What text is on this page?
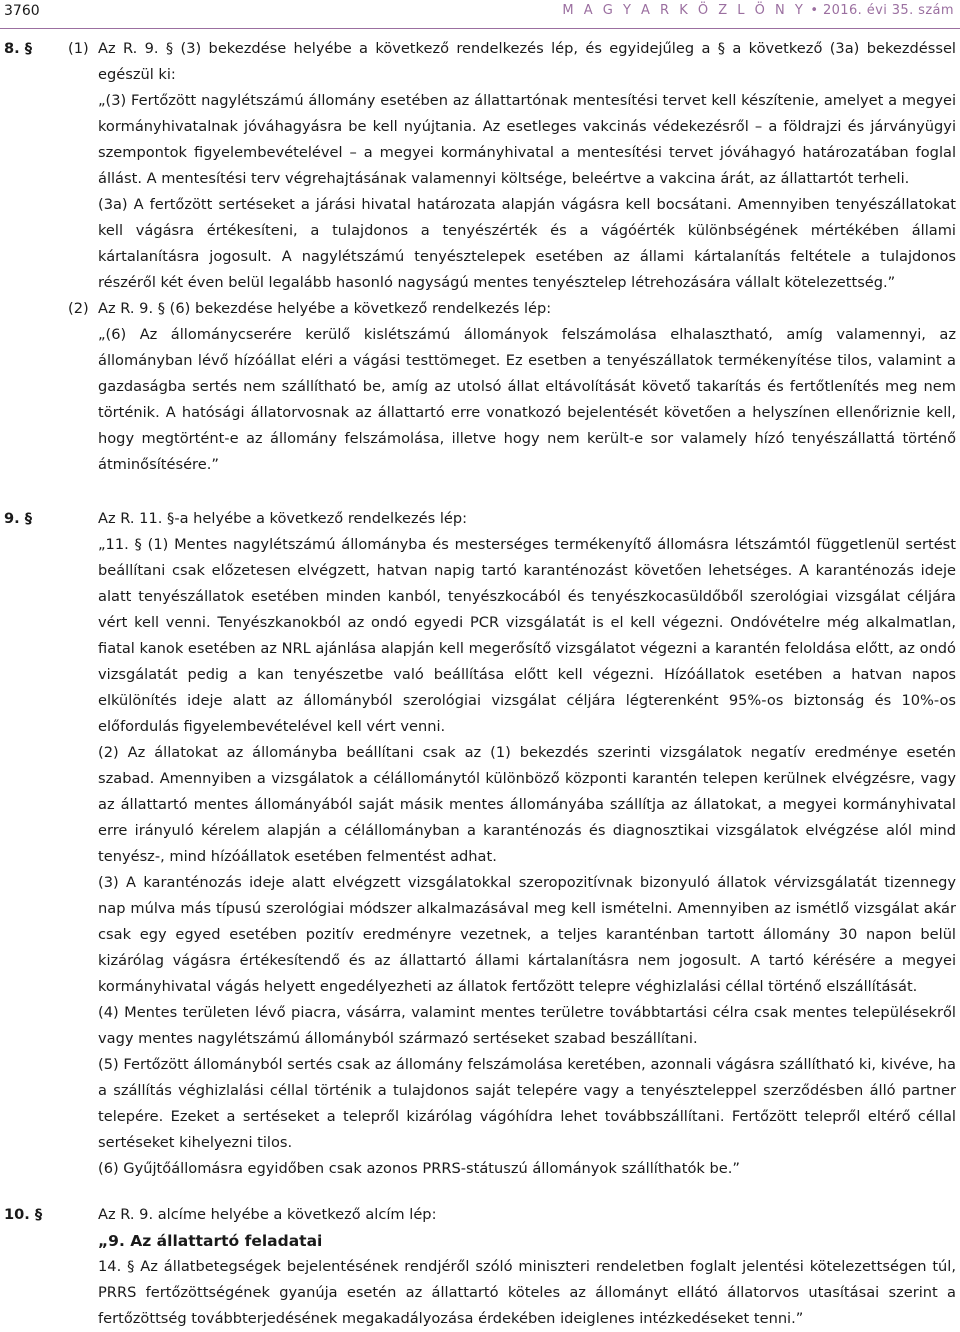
3760	M A G Y A R K Ö Z L Ö N Y • 2016. évi 35. szám
8. § (1) Az R. 9. § (3) bekezdése helyébe a következő rendelkezés lép, és egyidejűleg a § a következő (3a) bekezdéssel egészül ki:
„(3) Fertőzött nagylétszámú állomány esetében az állattartónak mentesítési tervet kell készítenie, amelyet a megyei kormányhivatalnak jóváhagyásra be kell nyújtania. Az esetleges vakcinás védekezésről – a földrajzi és járványügyi szempontok figyelembevételével – a megyei kormányhivatal a mentesítési tervet jóváhagyó határozatában foglal állást. A mentesítési terv végrehajtásának valamennyi költsége, beleértve a vakcina árát, az állattartót terheli.
(3a) A fertőzött sertéseket a járási hivatal határozata alapján vágásra kell bocsátani. Amennyiben tenyészállatokat kell vágásra értékesíteni, a tulajdonos a tenyészérték és a vágóérték különbségének mértékében állami kártalanításra jogosult. A nagylétszámú tenyésztelepek esetében az állami kártalanítás feltétele a tulajdonos részéről két éven belül legalább hasonló nagyságú mentes tenyésztelep létrehozására vállalt kötelezettség.”
(2) Az R. 9. § (6) bekezdése helyébe a következő rendelkezés lép:
„(6) Az állománycserére kerülő kislétszámú állományok felszámolása elhalasztható, amíg valamennyi, az állományban lévő hízóállat eléri a vágási testtömeget. Ez esetben a tenyészállatok termékenyítése tilos, valamint a gazdaságba sertés nem szállítható be, amíg az utolsó állat eltávolítását követő takarítás és fertőtlenítés meg nem történik. A hatósági állatorvosnak az állattartó erre vonatkozó bejelentését követően a helyszínen ellenőriznie kell, hogy megtörtént-e az állomány felszámolása, illetve hogy nem került-e sor valamely hízó tenyészállattá történő átminősítésére.”
9. §	Az R. 11. §-a helyébe a következő rendelkezés lép:
„11. § (1) Mentes nagylétszámú állományba és mesterséges termékenyítő állomásra létszámtól függetlenül sertést beállítani csak előzetesen elvégzett, hatvan napig tartó karanténozást követően lehetséges. A karanténozás ideje alatt tenyészállatok esetében minden kanból, tenyészkocából és tenyészkocasüldőből szerológiai vizsgálat céljára vért kell venni. Tenyészkanokból az ondó egyedi PCR vizsgálatát is el kell végezni. Ondóvételre még alkalmatlan, fiatal kanok esetében az NRL ajánlása alapján kell megerősítő vizsgálatot végezni a karantén feloldása előtt, az ondó vizsgálatát pedig a kan tenyészetbe való beállítása előtt kell végezni. Hízóállatok esetében a hatvan napos elkülönítés ideje alatt az állományból szerológiai vizsgálat céljára légterenként 95%-os biztonság és 10%-os előfordulás figyelembevételével kell vért venni.
(2) Az állatokat az állományba beállítani csak az (1) bekezdés szerinti vizsgálatok negatív eredménye esetén szabad. Amennyiben a vizsgálatok a célállománytól különböző központi karantén telepen kerülnek elvégzésre, vagy az állattartó mentes állományából saját másik mentes állományába szállítja az állatokat, a megyei kormányhivatal erre irányuló kérelem alapján a célállományban a karanténozás és diagnosztikai vizsgálatok elvégzése alól mind tenyész-, mind hízóállatok esetében felmentést adhat.
(3) A karanténozás ideje alatt elvégzett vizsgálatokkal szeropozitívnak bizonyuló állatok vérvizsgálatát tizennegy nap múlva más típusú szerológiai módszer alkalmazásával meg kell ismételni. Amennyiben az ismétlő vizsgálat akár csak egy egyed esetében pozitív eredményre vezetnek, a teljes karanténban tartott állomány 30 napon belül kizárólag vágásra értékesítendő és az állattartó állami kártalanításra nem jogosult. A tartó kérésére a megyei kormányhivatal vágás helyett engedélyezheti az állatok fertőzött telepre véghizlalási céllal történő elszállítását.
(4) Mentes területen lévő piacra, vásárra, valamint mentes területre továbbtartási célra csak mentes településekről vagy mentes nagylétszámú állományból származó sertéseket szabad beszállítani.
(5) Fertőzött állományból sertés csak az állomány felszámolása keretében, azonnali vágásra szállítható ki, kivéve, ha a szállítás véghizlalási céllal történik a tulajdonos saját telepére vagy a tenyészteleppel szerződésben álló partner telepére. Ezeket a sertéseket a telepről kizárólag vágóhídra lehet továbbszállítani. Fertőzött telepről eltérő céllal sertéseket kihelyezni tilos.
(6) Gyűjtőállomásra egyidőben csak azonos PRRS-státuszú állományok szállíthatók be.”
10. §	Az R. 9. alcíme helyébe a következő alcím lép:
„9. Az állattartó feladatai
14. § Az állatbetegségek bejelentésének rendjéről szóló miniszteri rendeletben foglalt jelentési kötelezettségen túl, PRRS fertőzöttségének gyanúja esetén az állattartó köteles az állományt ellátó állatorvos utasításai szerint a fertőzöttség továbbterjedésének megakadályozása érdekében ideiglenes intézkedéseket tenni.”
